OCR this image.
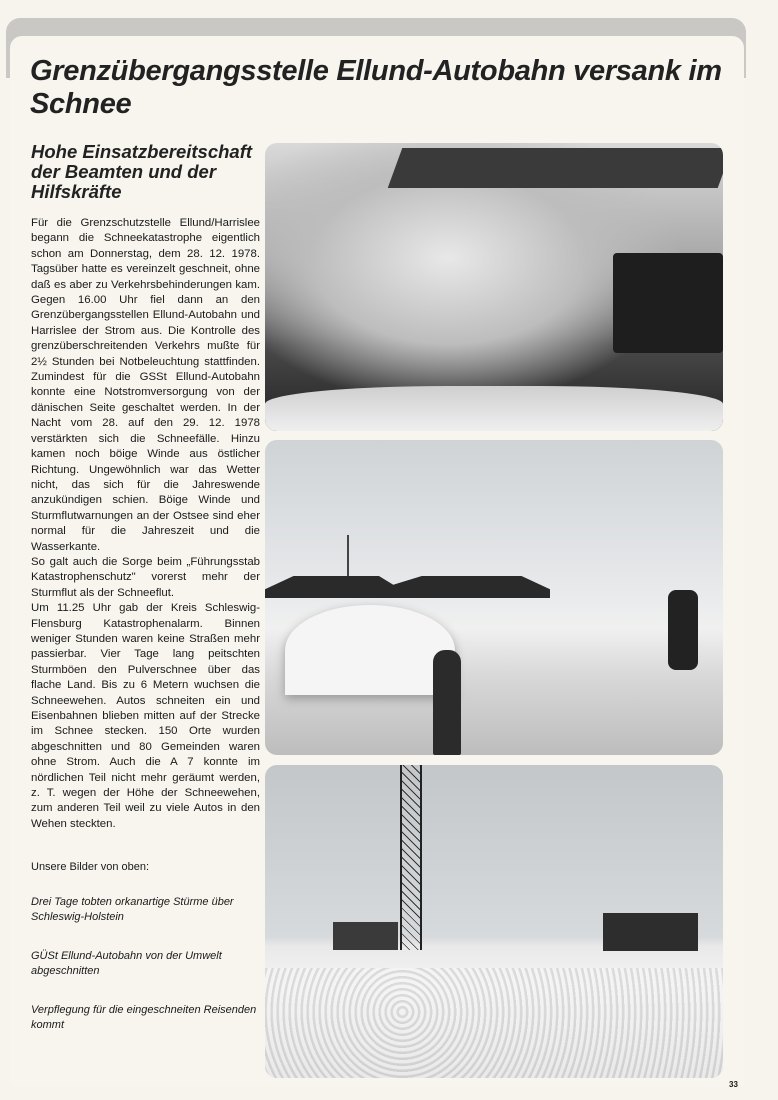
Grenzübergangsstelle Ellund-Autobahn versank im Schnee
Hohe Einsatzbereitschaft der Beamten und der Hilfskräfte

Für die Grenzschutzstelle Ellund/Harrislee begann die Schneekatastrophe eigentlich schon am Donnerstag, dem 28. 12. 1978. Tagsüber hatte es vereinzelt geschneit, ohne daß es aber zu Verkehrsbehinderungen kam. Gegen 16.00 Uhr fiel dann an den Grenzübergangsstellen Ellund-Autobahn und Harrislee der Strom aus. Die Kontrolle des grenzüberschreitenden Verkehrs mußte für 2½ Stunden bei Notbeleuchtung stattfinden. Zumindest für die GSSt Ellund-Autobahn konnte eine Notstromversorgung von der dänischen Seite geschaltet werden. In der Nacht vom 28. auf den 29. 12. 1978 verstärkten sich die Schneefälle. Hinzu kamen noch böige Winde aus östlicher Richtung. Ungewöhnlich war das Wetter nicht, das sich für die Jahreswende anzukündigen schien. Böige Winde und Sturmflutwarnungen an der Ostsee sind eher normal für die Jahreszeit und die Wasserkante.

So galt auch die Sorge beim „Führungsstab Katastrophenschutz" vorerst mehr der Sturmflut als der Schneeflut.

Um 11.25 Uhr gab der Kreis Schleswig-Flensburg Katastrophenalarm. Binnen weniger Stunden waren keine Straßen mehr passierbar. Vier Tage lang peitschten Sturmböen den Pulverschnee über das flache Land. Bis zu 6 Metern wuchsen die Schneewehen. Autos schneiten ein und Eisenbahnen blieben mitten auf der Strecke im Schnee stecken. 150 Orte wurden abgeschnitten und 80 Gemeinden waren ohne Strom. Auch die A 7 konnte im nördlichen Teil nicht mehr geräumt werden, z. T. wegen der Höhe der Schneewehen, zum anderen Teil weil zu viele Autos in den Wehen steckten.

Unsere Bilder von oben:

Drei Tage tobten orkanartige Stürme über Schleswig-Holstein

GÜSt Ellund-Autobahn von der Umwelt abgeschnitten

Verpflegung für die eingeschneiten Reisenden kommt

33
